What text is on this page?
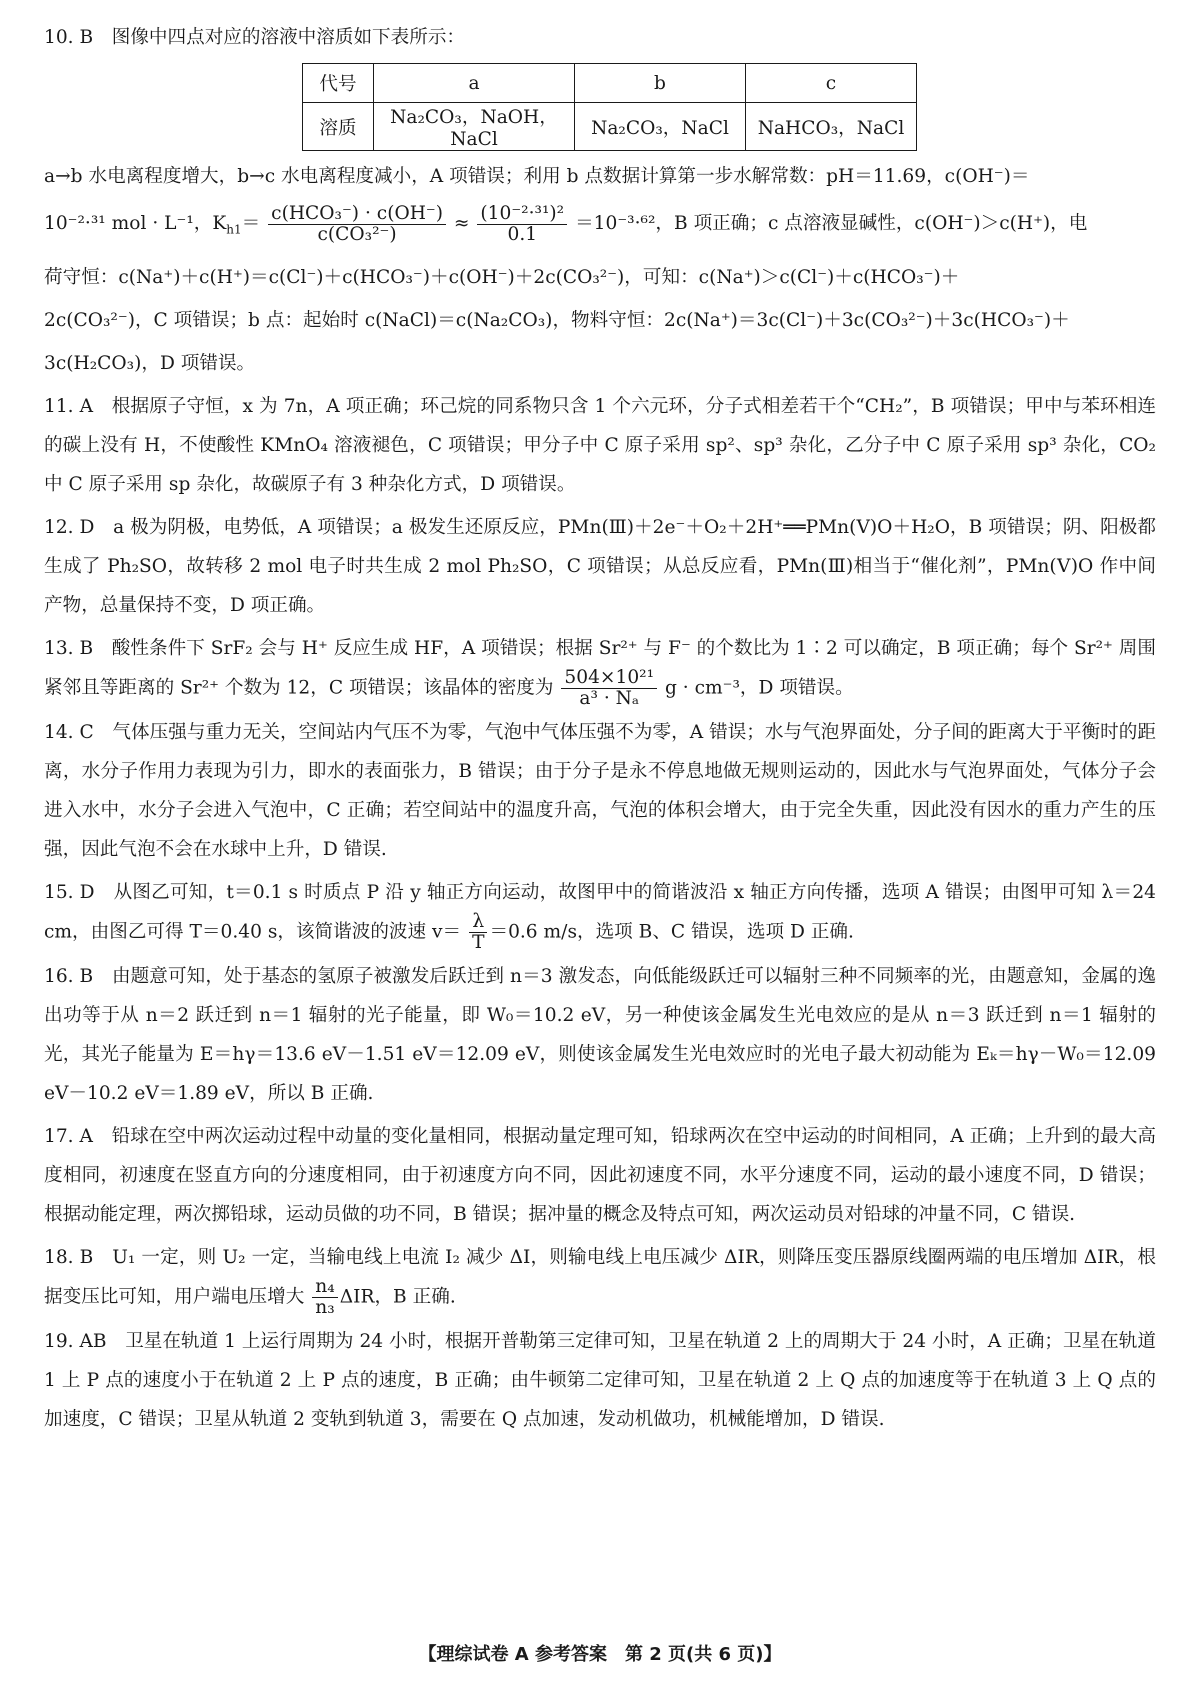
10. B　图像中四点对应的溶液中溶质如下表所示：
代号	a	b	c
溶质	Na₂CO₃，NaOH，NaCl	Na₂CO₃，NaCl	NaHCO₃，NaCl
a→b 水电离程度增大，b→c 水电离程度减小，A 项错误；利用 b 点数据计算第一步水解常数：pH＝11.69，c(OH⁻)＝
10⁻²·³¹ mol · L⁻¹，$K_{h1}= \frac{\text{c(HCO₃⁻) · c(OH⁻)}}{\text{c(CO₃²⁻)}} \approx \frac{\text{(10⁻²·³¹)²}}{0.1} =10^{-3}\cdot^{62}$，B 项正确；c 点溶液显碱性，c(OH⁻)＞c(H⁺)，电
荷守恒：c(Na⁺)＋c(H⁺)＝c(Cl⁻)＋c(HCO₃⁻)＋c(OH⁻)＋2c(CO₃²⁻)，可知：c(Na⁺)＞c(Cl⁻)＋c(HCO₃⁻)＋
2c(CO₃²⁻)，C 项错误；b 点：起始时 c(NaCl)＝c(Na₂CO₃)，物料守恒：2c(Na⁺)＝3c(Cl⁻)＋3c(CO₃²⁻)＋3c(HCO₃⁻)＋
3c(H₂CO₃)，D 项错误。
11. A　根据原子守恒，x 为 7n，A 项正确；环己烷的同系物只含 1 个六元环，分子式相差若干个“CH₂”，B 项错误；甲中与苯环相连的碳上没有 H，不使酸性 KMnO₄ 溶液褪色，C 项错误；甲分子中 C 原子采用 sp²、sp³ 杂化，乙分子中 C 原子采用 sp³ 杂化，CO₂ 中 C 原子采用 sp 杂化，故碳原子有 3 种杂化方式，D 项错误。
12. D　a 极为阴极，电势低，A 项错误；a 极发生还原反应，PMn(Ⅲ)＋2e⁻＋O₂＋2H⁺══PMn(Ⅴ)O＋H₂O，B 项错误；阴、阳极都生成了 Ph₂SO，故转移 2 mol 电子时共生成 2 mol Ph₂SO，C 项错误；从总反应看，PMn(Ⅲ)相当于“催化剂”，PMn(Ⅴ)O 作中间产物，总量保持不变，D 项正确。
13. B　酸性条件下 SrF₂ 会与 H⁺ 反应生成 HF，A 项错误；根据 Sr²⁺ 与 F⁻ 的个数比为 1∶2 可以确定，B 项正确；每个 Sr²⁺ 周围紧邻且等距离的 Sr²⁺ 个数为 12，C 项错误；该晶体的密度为 $\frac{\text{504×10²¹}}{\text{a³ · Nₐ}}$ g · cm⁻³，D 项错误。
14. C　气体压强与重力无关，空间站内气压不为零，气泡中气体压强不为零，A 错误；水与气泡界面处，分子间的距离大于平衡时的距离，水分子作用力表现为引力，即水的表面张力，B 错误；由于分子是永不停息地做无规则运动的，因此水与气泡界面处，气体分子会进入水中，水分子会进入气泡中，C 正确；若空间站中的温度升高，气泡的体积会增大，由于完全失重，因此没有因水的重力产生的压强，因此气泡不会在水球中上升，D 错误.
15. D　从图乙可知，t＝0.1 s 时质点 P 沿 y 轴正方向运动，故图甲中的简谐波沿 x 轴正方向传播，选项 A 错误；由图甲可知 λ＝24 cm，由图乙可得 T＝0.40 s，该简谐波的波速 $v= \frac{\lambda}{T} =0.6$ m/s，选项 B、C 错误，选项 D 正确.
16. B　由题意可知，处于基态的氢原子被激发后跃迁到 n＝3 激发态，向低能级跃迁可以辐射三种不同频率的光，由题意知，金属的逸出功等于从 n＝2 跃迁到 n＝1 辐射的光子能量，即 W₀＝10.2 eV，另一种使该金属发生光电效应的是从 n＝3 跃迁到 n＝1 辐射的光，其光子能量为 E＝hγ＝13.6 eV－1.51 eV＝12.09 eV，则使该金属发生光电效应时的光电子最大初动能为 Eₖ＝hγ－W₀＝12.09 eV－10.2 eV＝1.89 eV，所以 B 正确.
17. A　铅球在空中两次运动过程中动量的变化量相同，根据动量定理可知，铅球两次在空中运动的时间相同，A 正确；上升到的最大高度相同，初速度在竖直方向的分速度相同，由于初速度方向不同，因此初速度不同，水平分速度不同，运动的最小速度不同，D 错误；根据动能定理，两次掷铅球，运动员做的功不同，B 错误；据冲量的概念及特点可知，两次运动员对铅球的冲量不同，C 错误.
18. B　U₁ 一定，则 U₂ 一定，当输电线上电流 I₂ 减少 ΔI，则输电线上电压减少 ΔIR，则降压变压器原线圈两端的电压增加 ΔIR，根据变压比可知，用户端电压增大 $\frac{\text{n₄}}{\text{n₃}}$ ΔIR，B 正确.
19. AB　卫星在轨道 1 上运行周期为 24 小时，根据开普勒第三定律可知，卫星在轨道 2 上的周期大于 24 小时，A 正确；卫星在轨道 1 上 P 点的速度小于在轨道 2 上 P 点的速度，B 正确；由牛顿第二定律可知，卫星在轨道 2 上 Q 点的加速度等于在轨道 3 上 Q 点的加速度，C 错误；卫星从轨道 2 变轨到轨道 3，需要在 Q 点加速，发动机做功，机械能增加，D 错误.
【理综试卷 A 参考答案　第 2 页(共 6 页)】
